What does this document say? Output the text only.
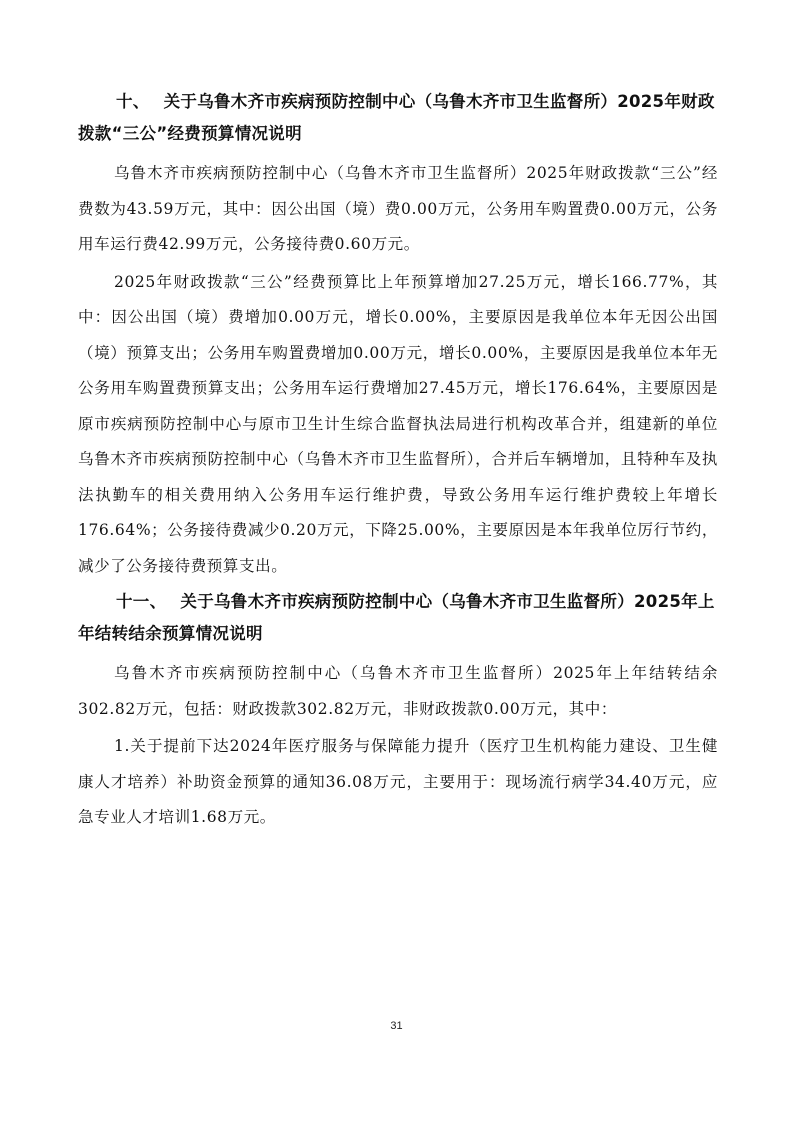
十、 关于乌鲁木齐市疾病预防控制中心（乌鲁木齐市卫生监督所）2025年财政拨款“三公”经费预算情况说明

乌鲁木齐市疾病预防控制中心（乌鲁木齐市卫生监督所）2025年财政拨款“三公”经费数为43.59万元，其中：因公出国（境）费0.00万元，公务用车购置费0.00万元，公务用车运行费42.99万元，公务接待费0.60万元。

2025年财政拨款“三公”经费预算比上年预算增加27.25万元，增长166.77%，其中：因公出国（境）费增加0.00万元，增长0.00%，主要原因是我单位本年无因公出国（境）预算支出；公务用车购置费增加0.00万元，增长0.00%，主要原因是我单位本年无公务用车购置费预算支出；公务用车运行费增加27.45万元，增长176.64%，主要原因是原市疾病预防控制中心与原市卫生计生综合监督执法局进行机构改革合并，组建新的单位乌鲁木齐市疾病预防控制中心（乌鲁木齐市卫生监督所），合并后车辆增加，且特种车及执法执勤车的相关费用纳入公务用车运行维护费，导致公务用车运行维护费较上年增长176.64%；公务接待费减少0.20万元，下降25.00%，主要原因是本年我单位厉行节约，减少了公务接待费预算支出。

十一、 关于乌鲁木齐市疾病预防控制中心（乌鲁木齐市卫生监督所）2025年上年结转结余预算情况说明

乌鲁木齐市疾病预防控制中心（乌鲁木齐市卫生监督所）2025年上年结转结余302.82万元，包括：财政拨款302.82万元，非财政拨款0.00万元，其中：

1.关于提前下达2024年医疗服务与保障能力提升（医疗卫生机构能力建设、卫生健康人才培养）补助资金预算的通知36.08万元，主要用于：现场流行病学34.40万元，应急专业人才培训1.68万元。

31
